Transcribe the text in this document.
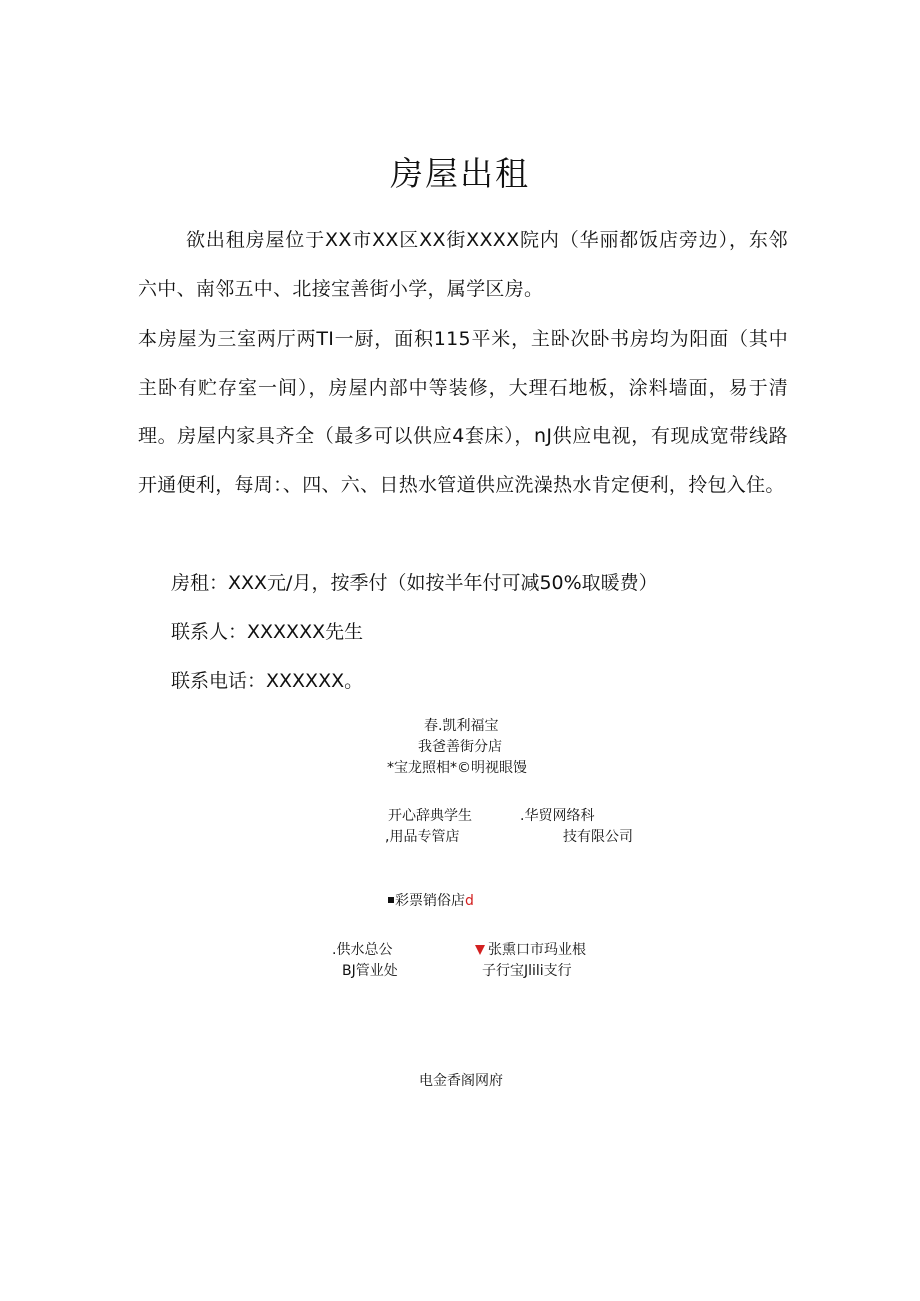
房屋出租
欲出租房屋位于XX市XX区XX街XXXX院内（华丽都饭店旁边），东邻六中、南邻五中、北接宝善街小学，属学区房。
本房屋为三室两厅两TI一厨，面积115平米，主卧次卧书房均为阳面（其中主卧有贮存室一间），房屋内部中等装修，大理石地板，涂料墙面，易于清理。房屋内家具齐全（最多可以供应4套床），nJ供应电视，有现成宽带线路开通便利，每周：、四、六、日热水管道供应洗澡热水肯定便利，拎包入住。
房租：XXX元/月，按季付（如按半年付可减50%取暖费）
联系人：XXXXXX先生
联系电话：XXXXXX。
春.凯利福宝
我爸善街分店
*宝龙照相*©明视眼馒
开心辞典学生
,用品专管店
.华贸网络科
技有限公司
彩票销俗店d
.供水总公
BJ管业处
张熏口市玛业根
子行宝Jlili支行
电金香阁网府
